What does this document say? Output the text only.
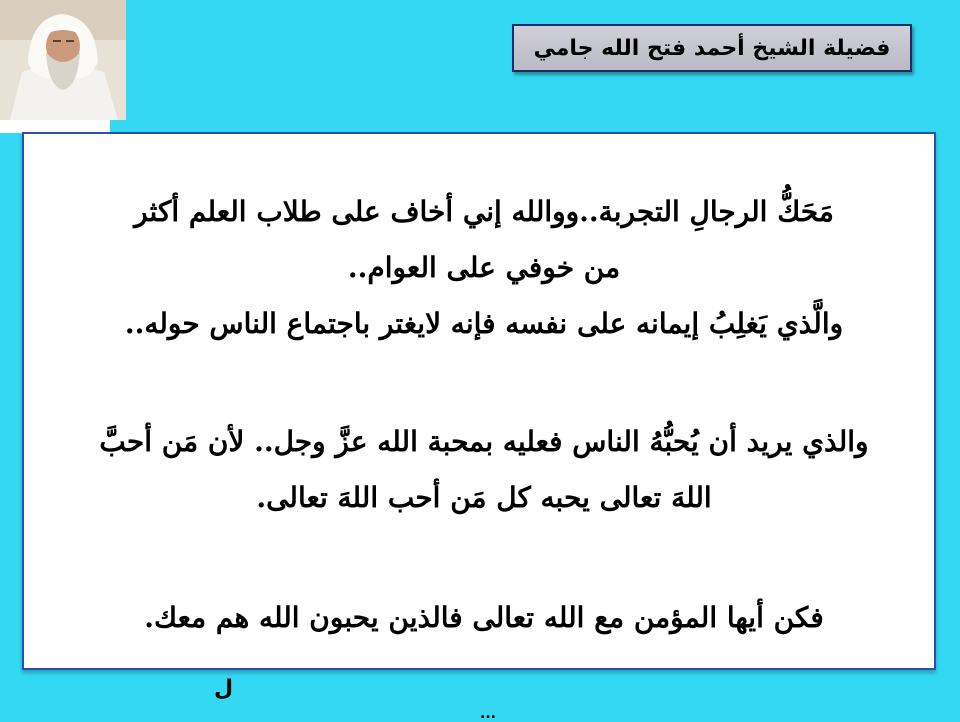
فضيلة الشيخ أحمد فتح الله جامي
مَحَكُّ الرجالِ التجربة..ووالله إني أخاف على طلاب العلم أكثر
من خوفي على العوام..
والَّذي يَغلِبُ إيمانه على نفسه فإنه لايغتر باجتماع الناس حوله..
والذي يريد أن يُحبُّهُ الناس فعليه بمحبة الله عزَّ وجل.. لأن مَن أحبَّ
اللهَ تعالى يحبه كل مَن أحب اللهَ تعالى.
فكن أيها المؤمن مع الله تعالى فالذين يحبون الله هم معك.
ل
...
